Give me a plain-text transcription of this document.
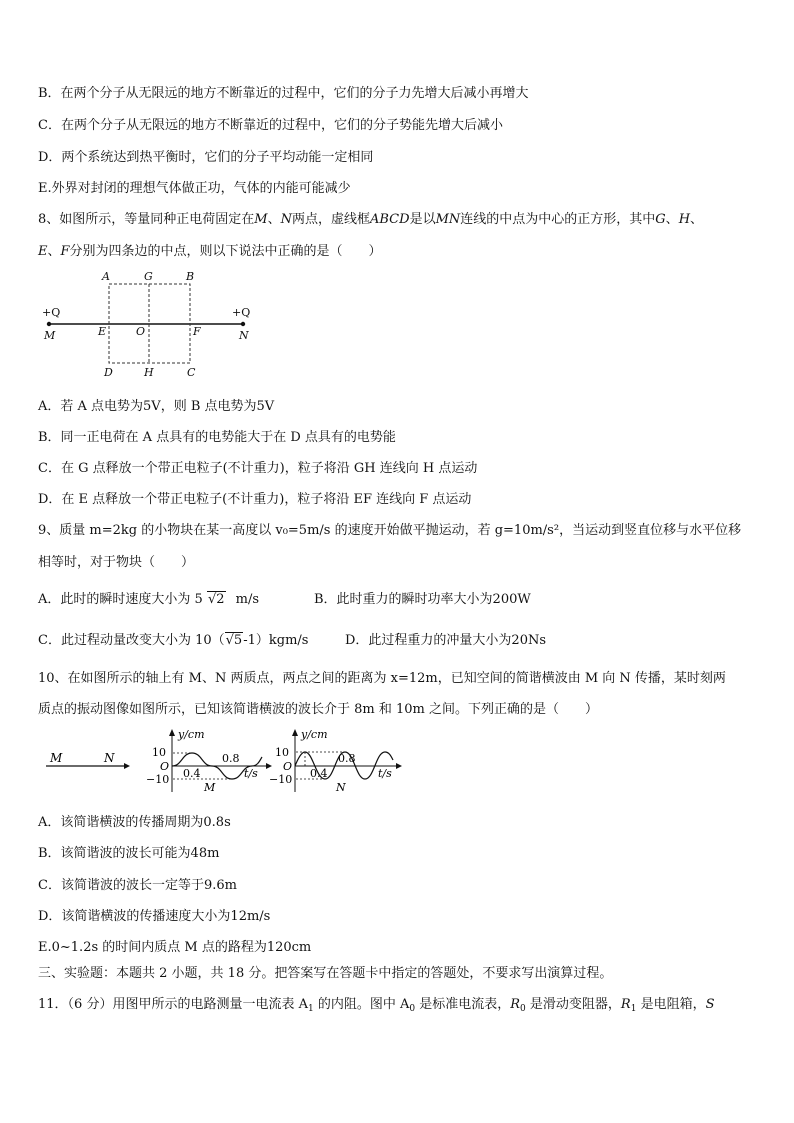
B．在两个分子从无限远的地方不断靠近的过程中，它们的分子力先增大后减小再增大
C．在两个分子从无限远的地方不断靠近的过程中，它们的分子势能先增大后减小
D．两个系统达到热平衡时，它们的分子平均动能一定相同
E.外界对封闭的理想气体做正功，气体的内能可能减少
8、如图所示，等量同种正电荷固定在M、N两点，虚线框ABCD是以MN连线的中点为中心的正方形，其中G、H、
E、F分别为四条边的中点，则以下说法中正确的是（　　）
A	G	B
+Q	+Q
M	E	O	F	N
D	H	C
A．若 A 点电势为5V，则 B 点电势为5V
B．同一正电荷在 A 点具有的电势能大于在 D 点具有的电势能
C．在 G 点释放一个带正电粒子(不计重力)，粒子将沿 GH 连线向 H 点运动
D．在 E 点释放一个带正电粒子(不计重力)，粒子将沿 EF 连线向 F 点运动
9、质量 m=2kg 的小物块在某一高度以 v₀=5m/s 的速度开始做平抛运动，若 g=10m/s²，当运动到竖直位移与水平位移
相等时，对于物块（　　）
A．此时的瞬时速度大小为 5 √2 m/s	B．此时重力的瞬时功率大小为200W
C．此过程动量改变大小为 10（√5-1）kgm/s	D．此过程重力的冲量大小为20Ns
10、在如图所示的轴上有 M、N 两质点，两点之间的距离为 x=12m，已知空间的简谐横波由 M 向 N 传播，某时刻两
质点的振动图像如图所示，已知该简谐横波的波长介于 8m 和 10m 之间。下列正确的是（　　）
M	N
y/cm
10
O
−10 0.4
0.8
t/s
M
y/cm
10
O
−10 0.4
0.8
t/s
N
A．该简谐横波的传播周期为0.8s
B．该简谐波的波长可能为48m
C．该简谐波的波长一定等于9.6m
D．该简谐横波的传播速度大小为12m/s
E.0~1.2s 的时间内质点 M 点的路程为120cm
三、实验题：本题共 2 小题，共 18 分。把答案写在答题卡中指定的答题处，不要求写出演算过程。
11．（6 分）用图甲所示的电路测量一电流表 $A_1$ 的内阻。图中 $A_0$ 是标准电流表，$R_0$ 是滑动变阻器，$R_1$ 是电阻箱，S
